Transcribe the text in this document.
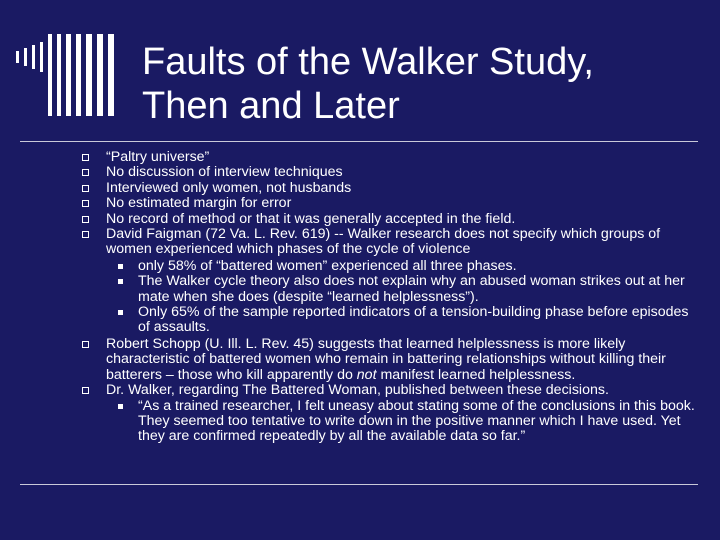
Faults of the Walker Study,
Then and Later
“Paltry universe”
No discussion of interview techniques
Interviewed only women, not husbands
No estimated margin for error
No record of method or that it was generally accepted in the field.
David Faigman (72 Va. L. Rev. 619) -- Walker research does not specify which groups of women experienced which phases of the cycle of violence
only 58% of “battered women” experienced all three phases.
The Walker cycle theory also does not explain why an abused woman strikes out at her mate when she does (despite “learned helplessness”).
Only 65% of the sample reported indicators of a tension-building phase before episodes of assaults.
Robert Schopp (U. Ill. L. Rev. 45) suggests that learned helplessness is more likely characteristic of battered women who remain in battering relationships without killing their batterers – those who kill apparently do not manifest learned helplessness.
Dr. Walker, regarding The Battered Woman, published between these decisions.
“As a trained researcher, I felt uneasy about stating some of the conclusions in this book. They seemed too tentative to write down in the positive manner which I have used. Yet they are confirmed repeatedly by all the available data so far.”
